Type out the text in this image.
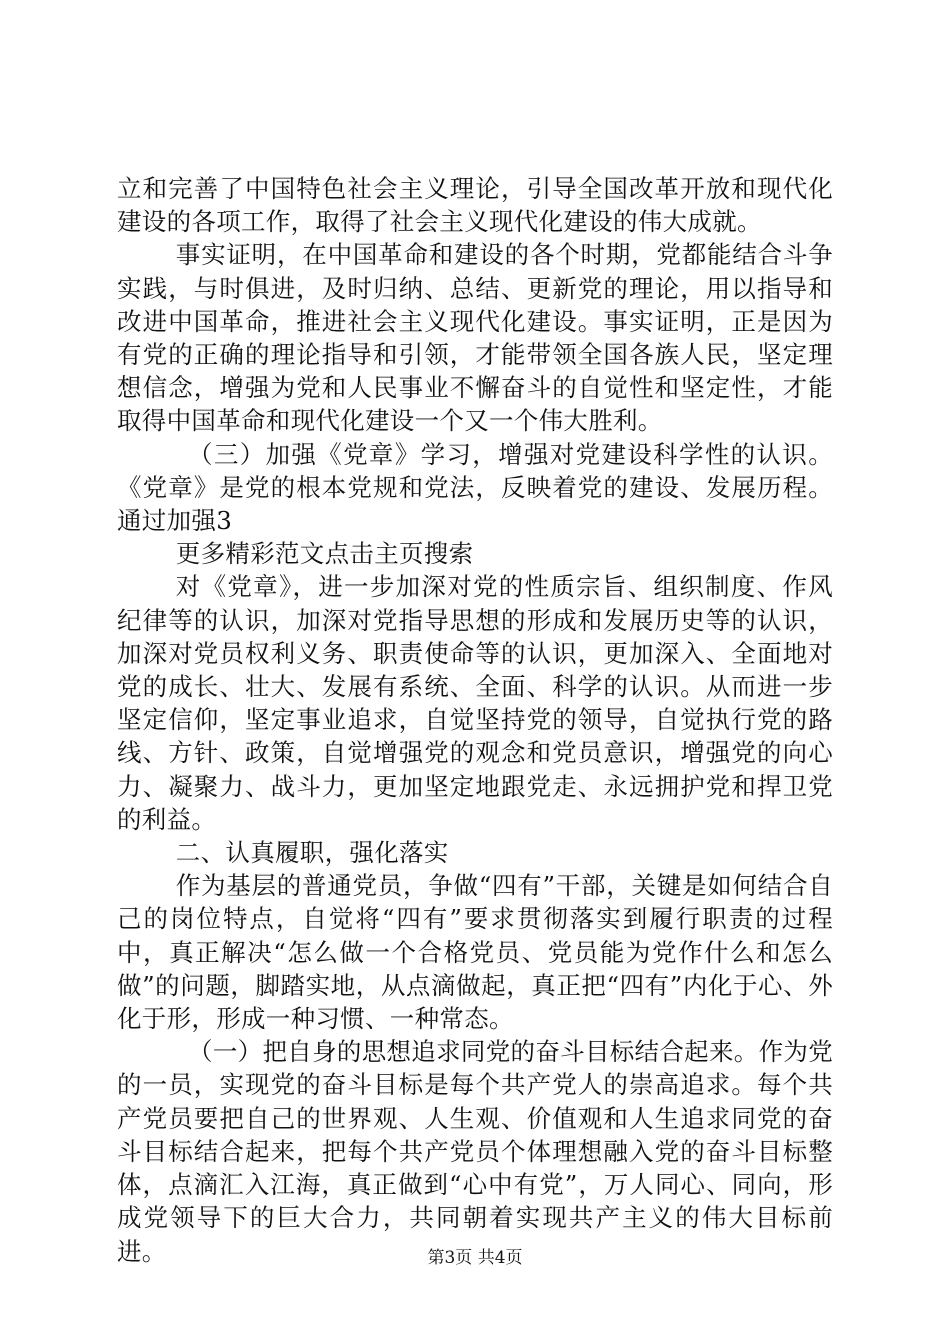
立和完善了中国特色社会主义理论，引导全国改革开放和现代化建设的各项工作，取得了社会主义现代化建设的伟大成就。

事实证明，在中国革命和建设的各个时期，党都能结合斗争实践，与时俱进，及时归纳、总结、更新党的理论，用以指导和改进中国革命，推进社会主义现代化建设。事实证明，正是因为有党的正确的理论指导和引领，才能带领全国各族人民，坚定理想信念，增强为党和人民事业不懈奋斗的自觉性和坚定性，才能取得中国革命和现代化建设一个又一个伟大胜利。

（三）加强《党章》学习，增强对党建设科学性的认识。《党章》是党的根本党规和党法，反映着党的建设、发展历程。通过加强3

更多精彩范文点击主页搜索

对《党章》，进一步加深对党的性质宗旨、组织制度、作风纪律等的认识，加深对党指导思想的形成和发展历史等的认识，加深对党员权利义务、职责使命等的认识，更加深入、全面地对党的成长、壮大、发展有系统、全面、科学的认识。从而进一步坚定信仰，坚定事业追求，自觉坚持党的领导，自觉执行党的路线、方针、政策，自觉增强党的观念和党员意识，增强党的向心力、凝聚力、战斗力，更加坚定地跟党走、永远拥护党和捍卫党的利益。

二、认真履职，强化落实

作为基层的普通党员，争做“四有”干部，关键是如何结合自己的岗位特点，自觉将“四有”要求贯彻落实到履行职责的过程中，真正解决“怎么做一个合格党员、党员能为党作什么和怎么做”的问题，脚踏实地，从点滴做起，真正把“四有”内化于心、外化于形，形成一种习惯、一种常态。

（一）把自身的思想追求同党的奋斗目标结合起来。作为党的一员，实现党的奋斗目标是每个共产党人的崇高追求。每个共产党员要把自己的世界观、人生观、价值观和人生追求同党的奋斗目标结合起来，把每个共产党员个体理想融入党的奋斗目标整体，点滴汇入江海，真正做到“心中有党”，万人同心、同向，形成党领导下的巨大合力，共同朝着实现共产主义的伟大目标前进。	第3页 共4页
